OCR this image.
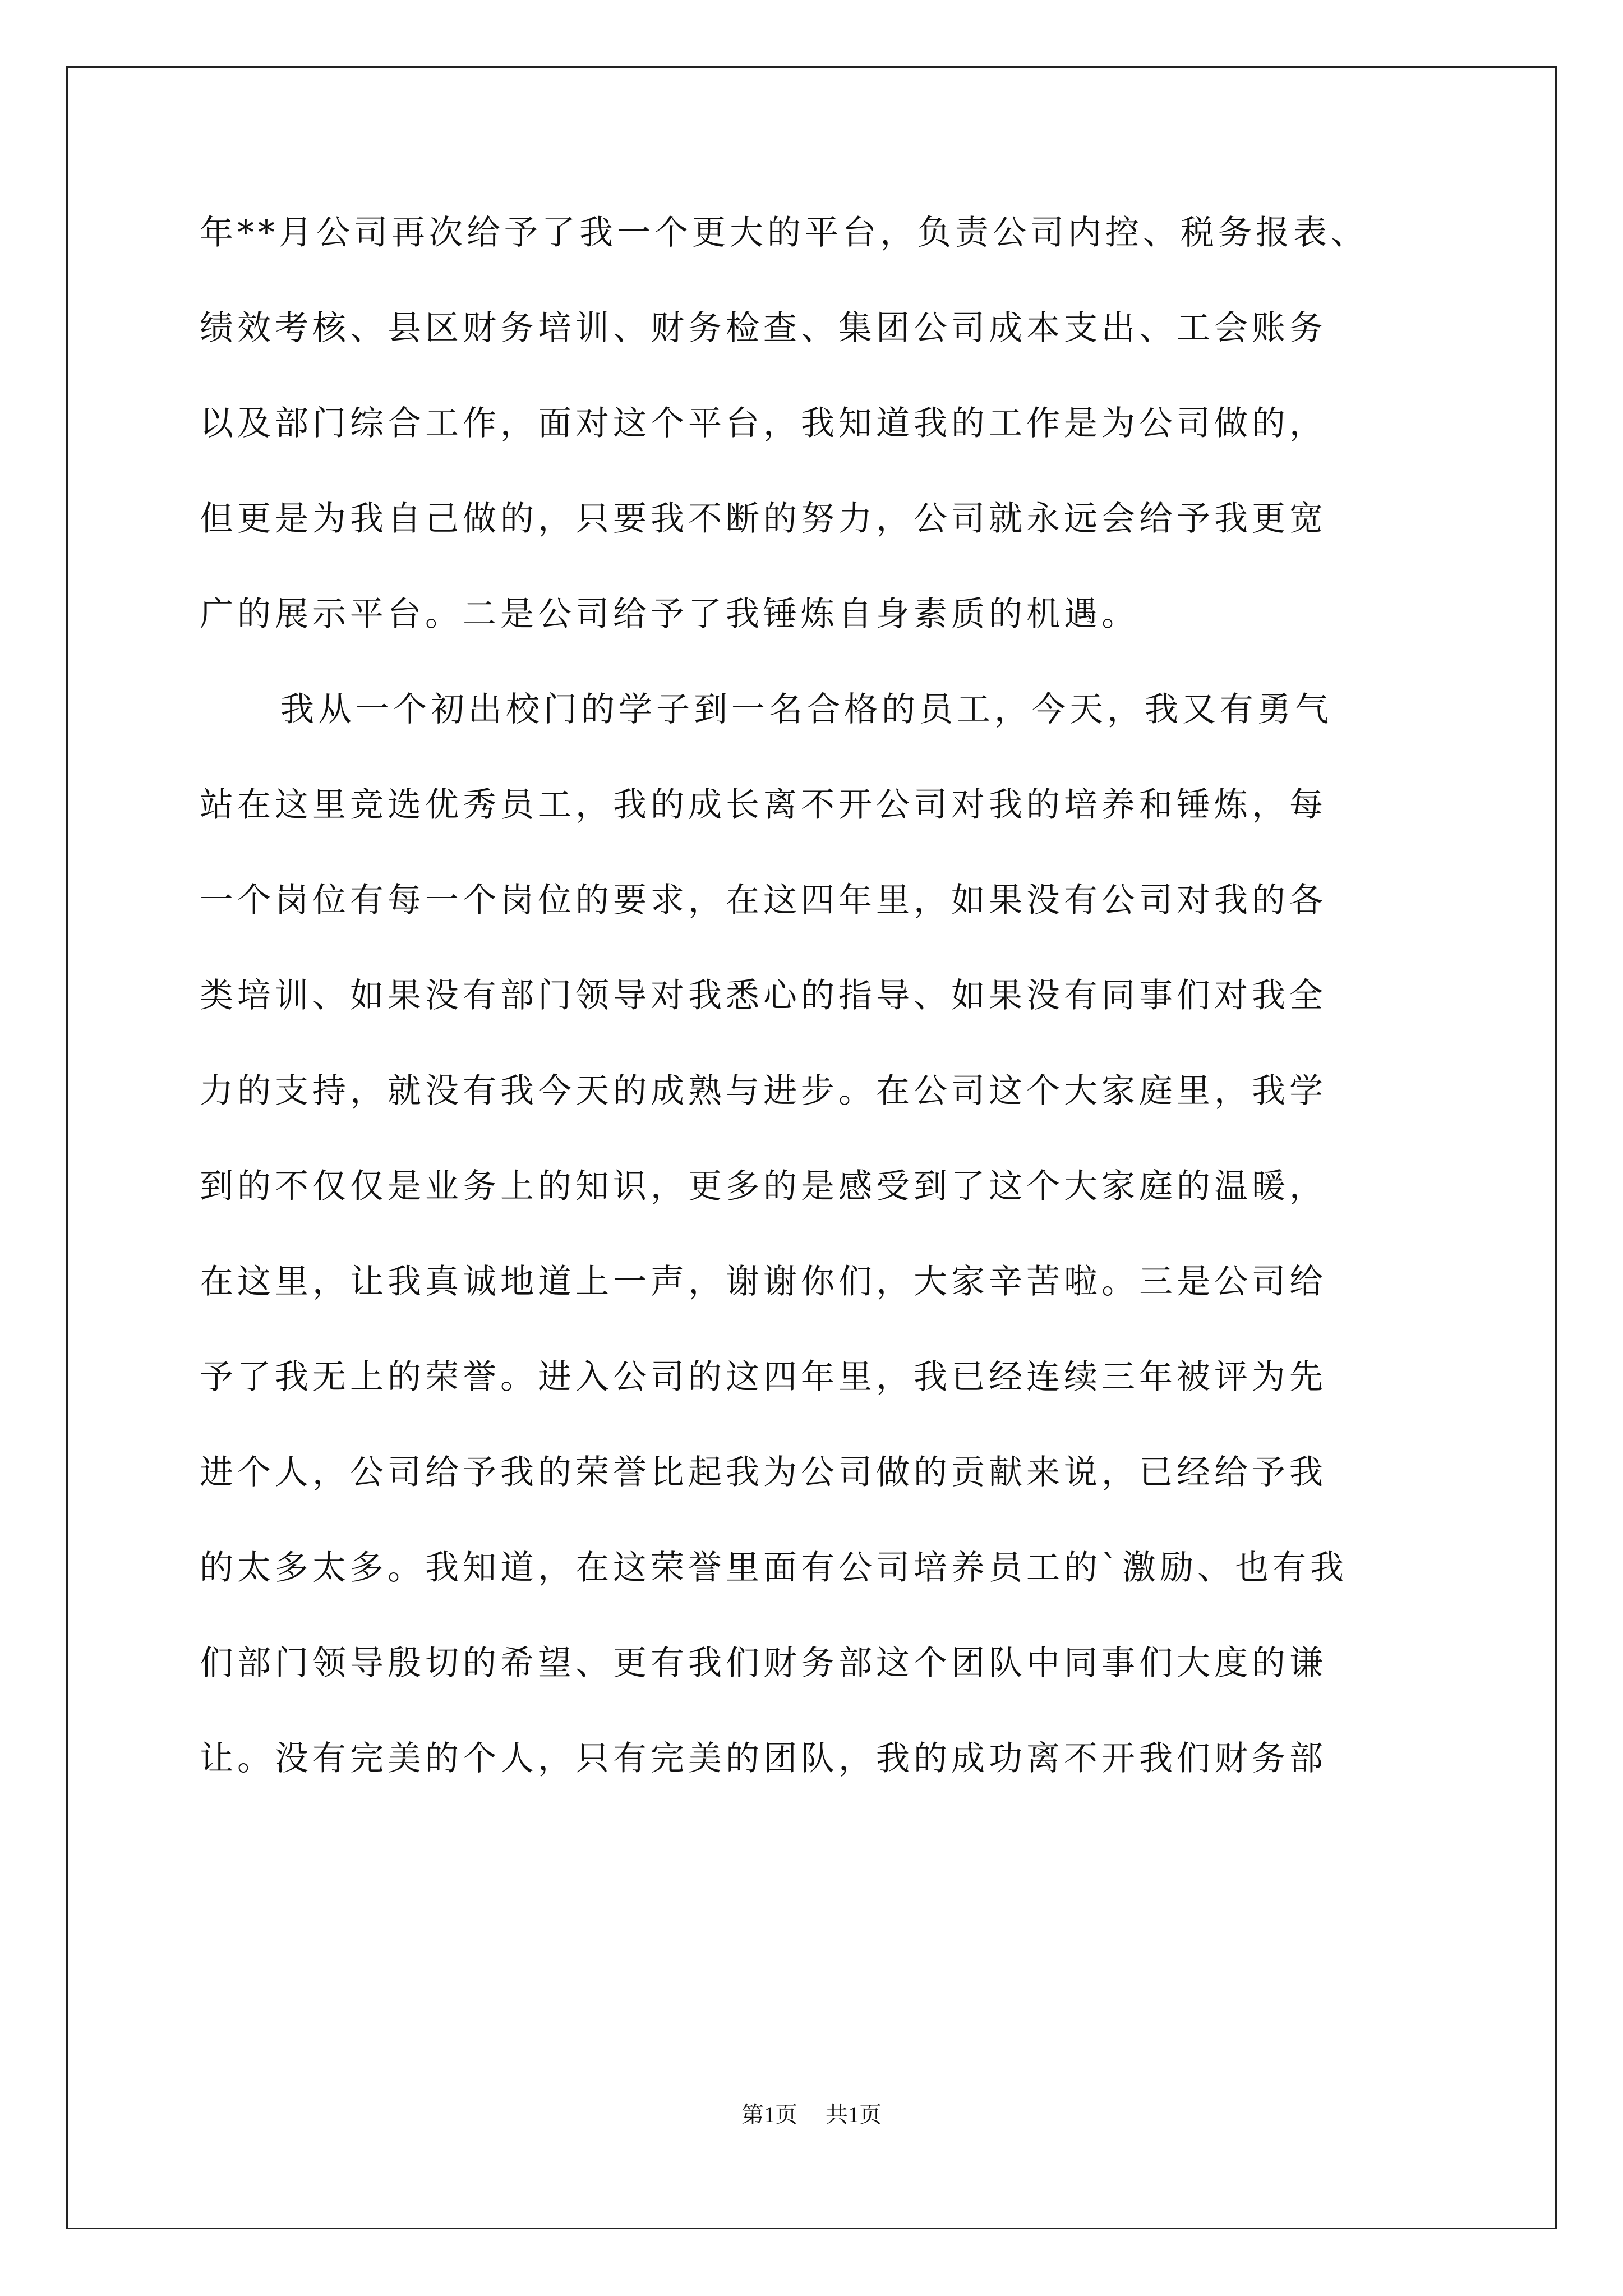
年**月公司再次给予了我一个更大的平台，负责公司内控、税务报表、

绩效考核、县区财务培训、财务检查、集团公司成本支出、工会账务

以及部门综合工作，面对这个平台，我知道我的工作是为公司做的，

但更是为我自己做的，只要我不断的努力，公司就永远会给予我更宽

广的展示平台。二是公司给予了我锤炼自身素质的机遇。

我从一个初出校门的学子到一名合格的员工，今天，我又有勇气

站在这里竞选优秀员工，我的成长离不开公司对我的培养和锤炼，每

一个岗位有每一个岗位的要求，在这四年里，如果没有公司对我的各

类培训、如果没有部门领导对我悉心的指导、如果没有同事们对我全

力的支持，就没有我今天的成熟与进步。在公司这个大家庭里，我学

到的不仅仅是业务上的知识，更多的是感受到了这个大家庭的温暖，

在这里，让我真诚地道上一声，谢谢你们，大家辛苦啦。三是公司给

予了我无上的荣誉。进入公司的这四年里，我已经连续三年被评为先

进个人，公司给予我的荣誉比起我为公司做的贡献来说，已经给予我

的太多太多。我知道，在这荣誉里面有公司培养员工的`激励、也有我

们部门领导殷切的希望、更有我们财务部这个团队中同事们大度的谦

让。没有完美的个人，只有完美的团队，我的成功离不开我们财务部

第1页 共1页
